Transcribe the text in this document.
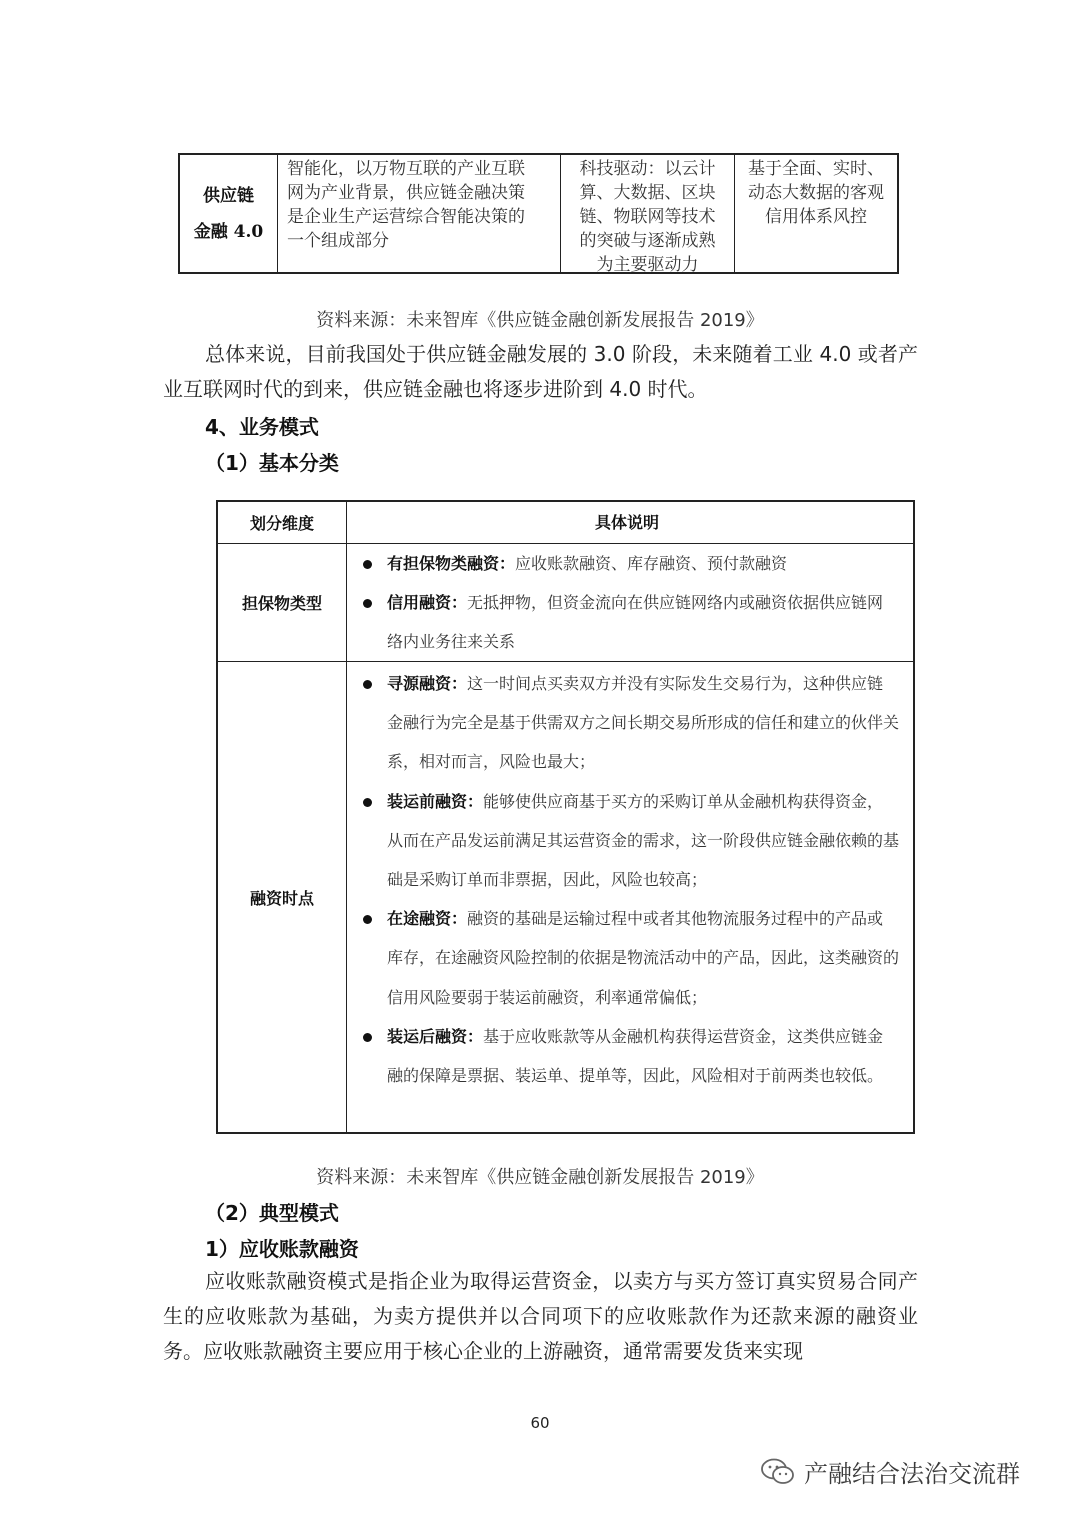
供应链
金融 4.0
智能化，以万物互联的产业互联
网为产业背景，供应链金融决策
是企业生产运营综合智能决策的
一个组成部分
科技驱动：以云计
算、大数据、区块
链、物联网等技术
的突破与逐渐成熟
为主要驱动力
基于全面、实时、
动态大数据的客观
信用体系风控
资料来源：未来智库《供应链金融创新发展报告 2019》

总体来说，目前我国处于供应链金融发展的 3.0 阶段，未来随着工业 4.0 或者产业互联网时代的到来，供应链金融也将逐步进阶到 4.0 时代。

4、业务模式
（1）基本分类
划分维度	具体说明
担保物类型
有担保物类融资：应收账款融资、库存融资、预付款融资
信用融资：无抵押物，但资金流向在供应链网络内或融资依据供应链网络内业务往来关系
融资时点
寻源融资：这一时间点买卖双方并没有实际发生交易行为，这种供应链金融行为完全是基于供需双方之间长期交易所形成的信任和建立的伙伴关系，相对而言，风险也最大；
装运前融资：能够使供应商基于买方的采购订单从金融机构获得资金，从而在产品发运前满足其运营资金的需求，这一阶段供应链金融依赖的基础是采购订单而非票据，因此，风险也较高；
在途融资：融资的基础是运输过程中或者其他物流服务过程中的产品或库存，在途融资风险控制的依据是物流活动中的产品，因此，这类融资的信用风险要弱于装运前融资，利率通常偏低；
装运后融资：基于应收账款等从金融机构获得运营资金，这类供应链金融的保障是票据、装运单、提单等，因此，风险相对于前两类也较低。
资料来源：未来智库《供应链金融创新发展报告 2019》
（2）典型模式
1）应收账款融资

应收账款融资模式是指企业为取得运营资金，以卖方与买方签订真实贸易合同产生的应收账款为基础，为卖方提供并以合同项下的应收账款作为还款来源的融资业务。应收账款融资主要应用于核心企业的上游融资，通常需要发货来实现

60
产融结合法治交流群
